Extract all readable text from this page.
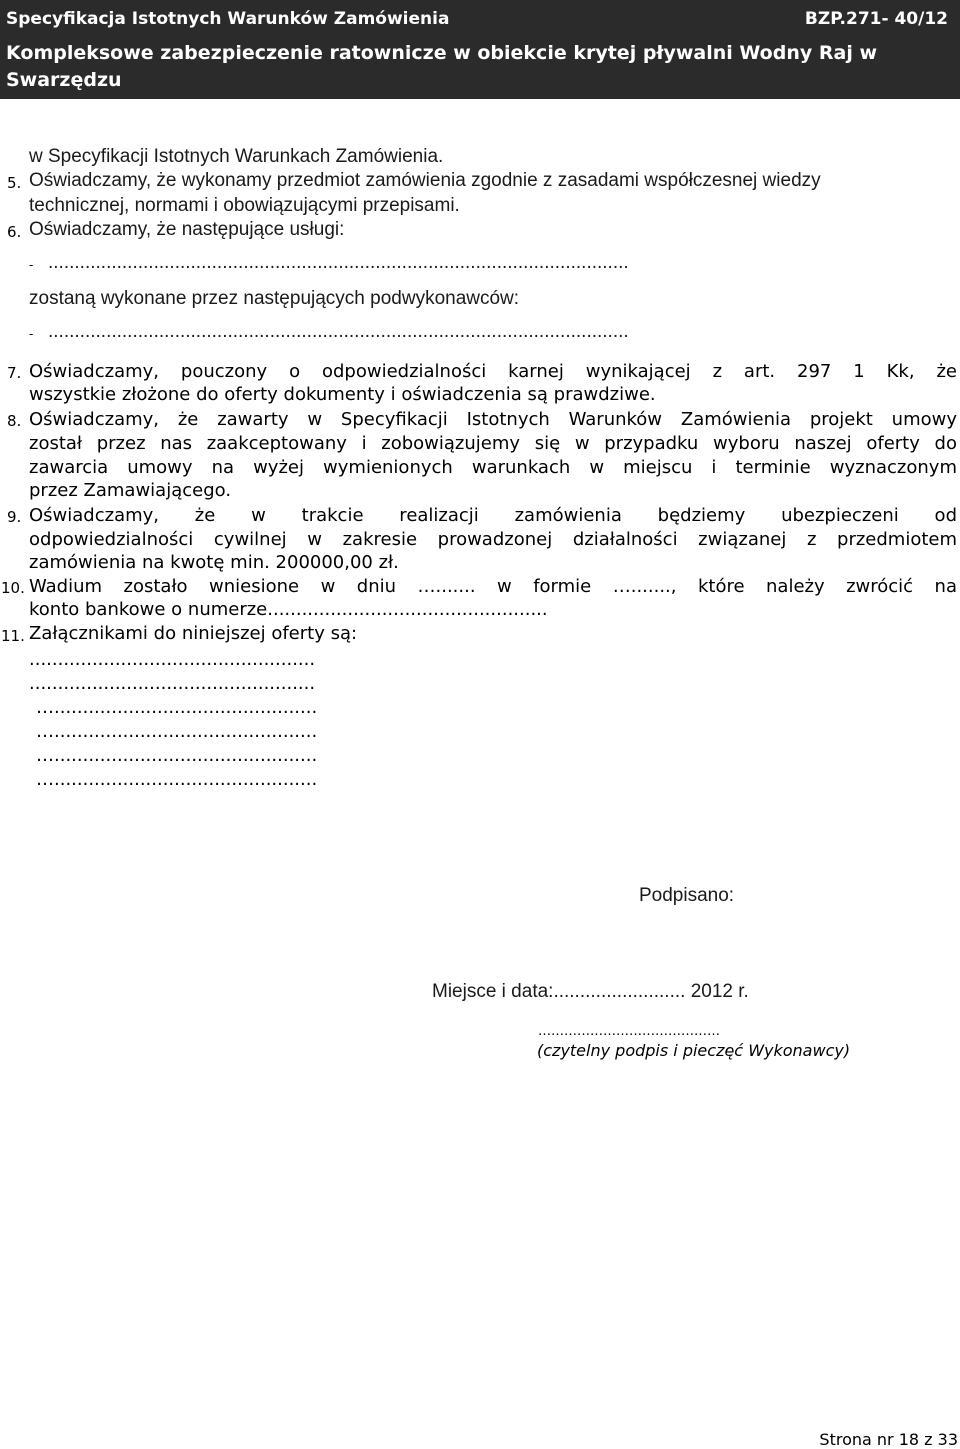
Specyfikacja Istotnych Warunków Zamówienia	BZP.271- 40/12
Kompleksowe zabezpieczenie ratownicze w obiekcie krytej pływalni Wodny Raj w Swarzędzu
w Specyfikacji Istotnych Warunkach Zamówienia.
5. Oświadczamy, że wykonamy przedmiot zamówienia zgodnie z zasadami współczesnej wiedzy
technicznej, normami i obowiązującymi przepisami.
6. Oświadczamy, że następujące usługi:
- ..............................................................................................................
zostaną wykonane przez następujących podwykonawców:
- ..............................................................................................................
7. Oświadczamy, pouczony o odpowiedzialności karnej wynikającej z art. 297 1 Kk, że
wszystkie złożone do oferty dokumenty i oświadczenia są prawdziwe.
8. Oświadczamy, że zawarty w Specyfikacji Istotnych Warunków Zamówienia projekt umowy
został przez nas zaakceptowany i zobowiązujemy się w przypadku wyboru naszej oferty do
zawarcia umowy na wyżej wymienionych warunkach w miejscu i terminie wyznaczonym
przez Zamawiającego.
9. Oświadczamy, że w trakcie realizacji zamówienia będziemy ubezpieczeni od
odpowiedzialności cywilnej w zakresie prowadzonej działalności związanej z przedmiotem
zamówienia na kwotę min. 200000,00 zł.
10. Wadium zostało wniesione w dniu …....... w formie …......., które należy zwrócić na
konto bankowe o numerze.................................................
11. Załącznikami do niniejszej oferty są:
..................................................
..................................................
…..............................................
…..............................................
…..............................................
…..............................................
Podpisano:
Miejsce i data:......................... 2012 r.
……………………………………
(czytelny podpis i pieczęć Wykonawcy)
Strona nr 18 z 33
